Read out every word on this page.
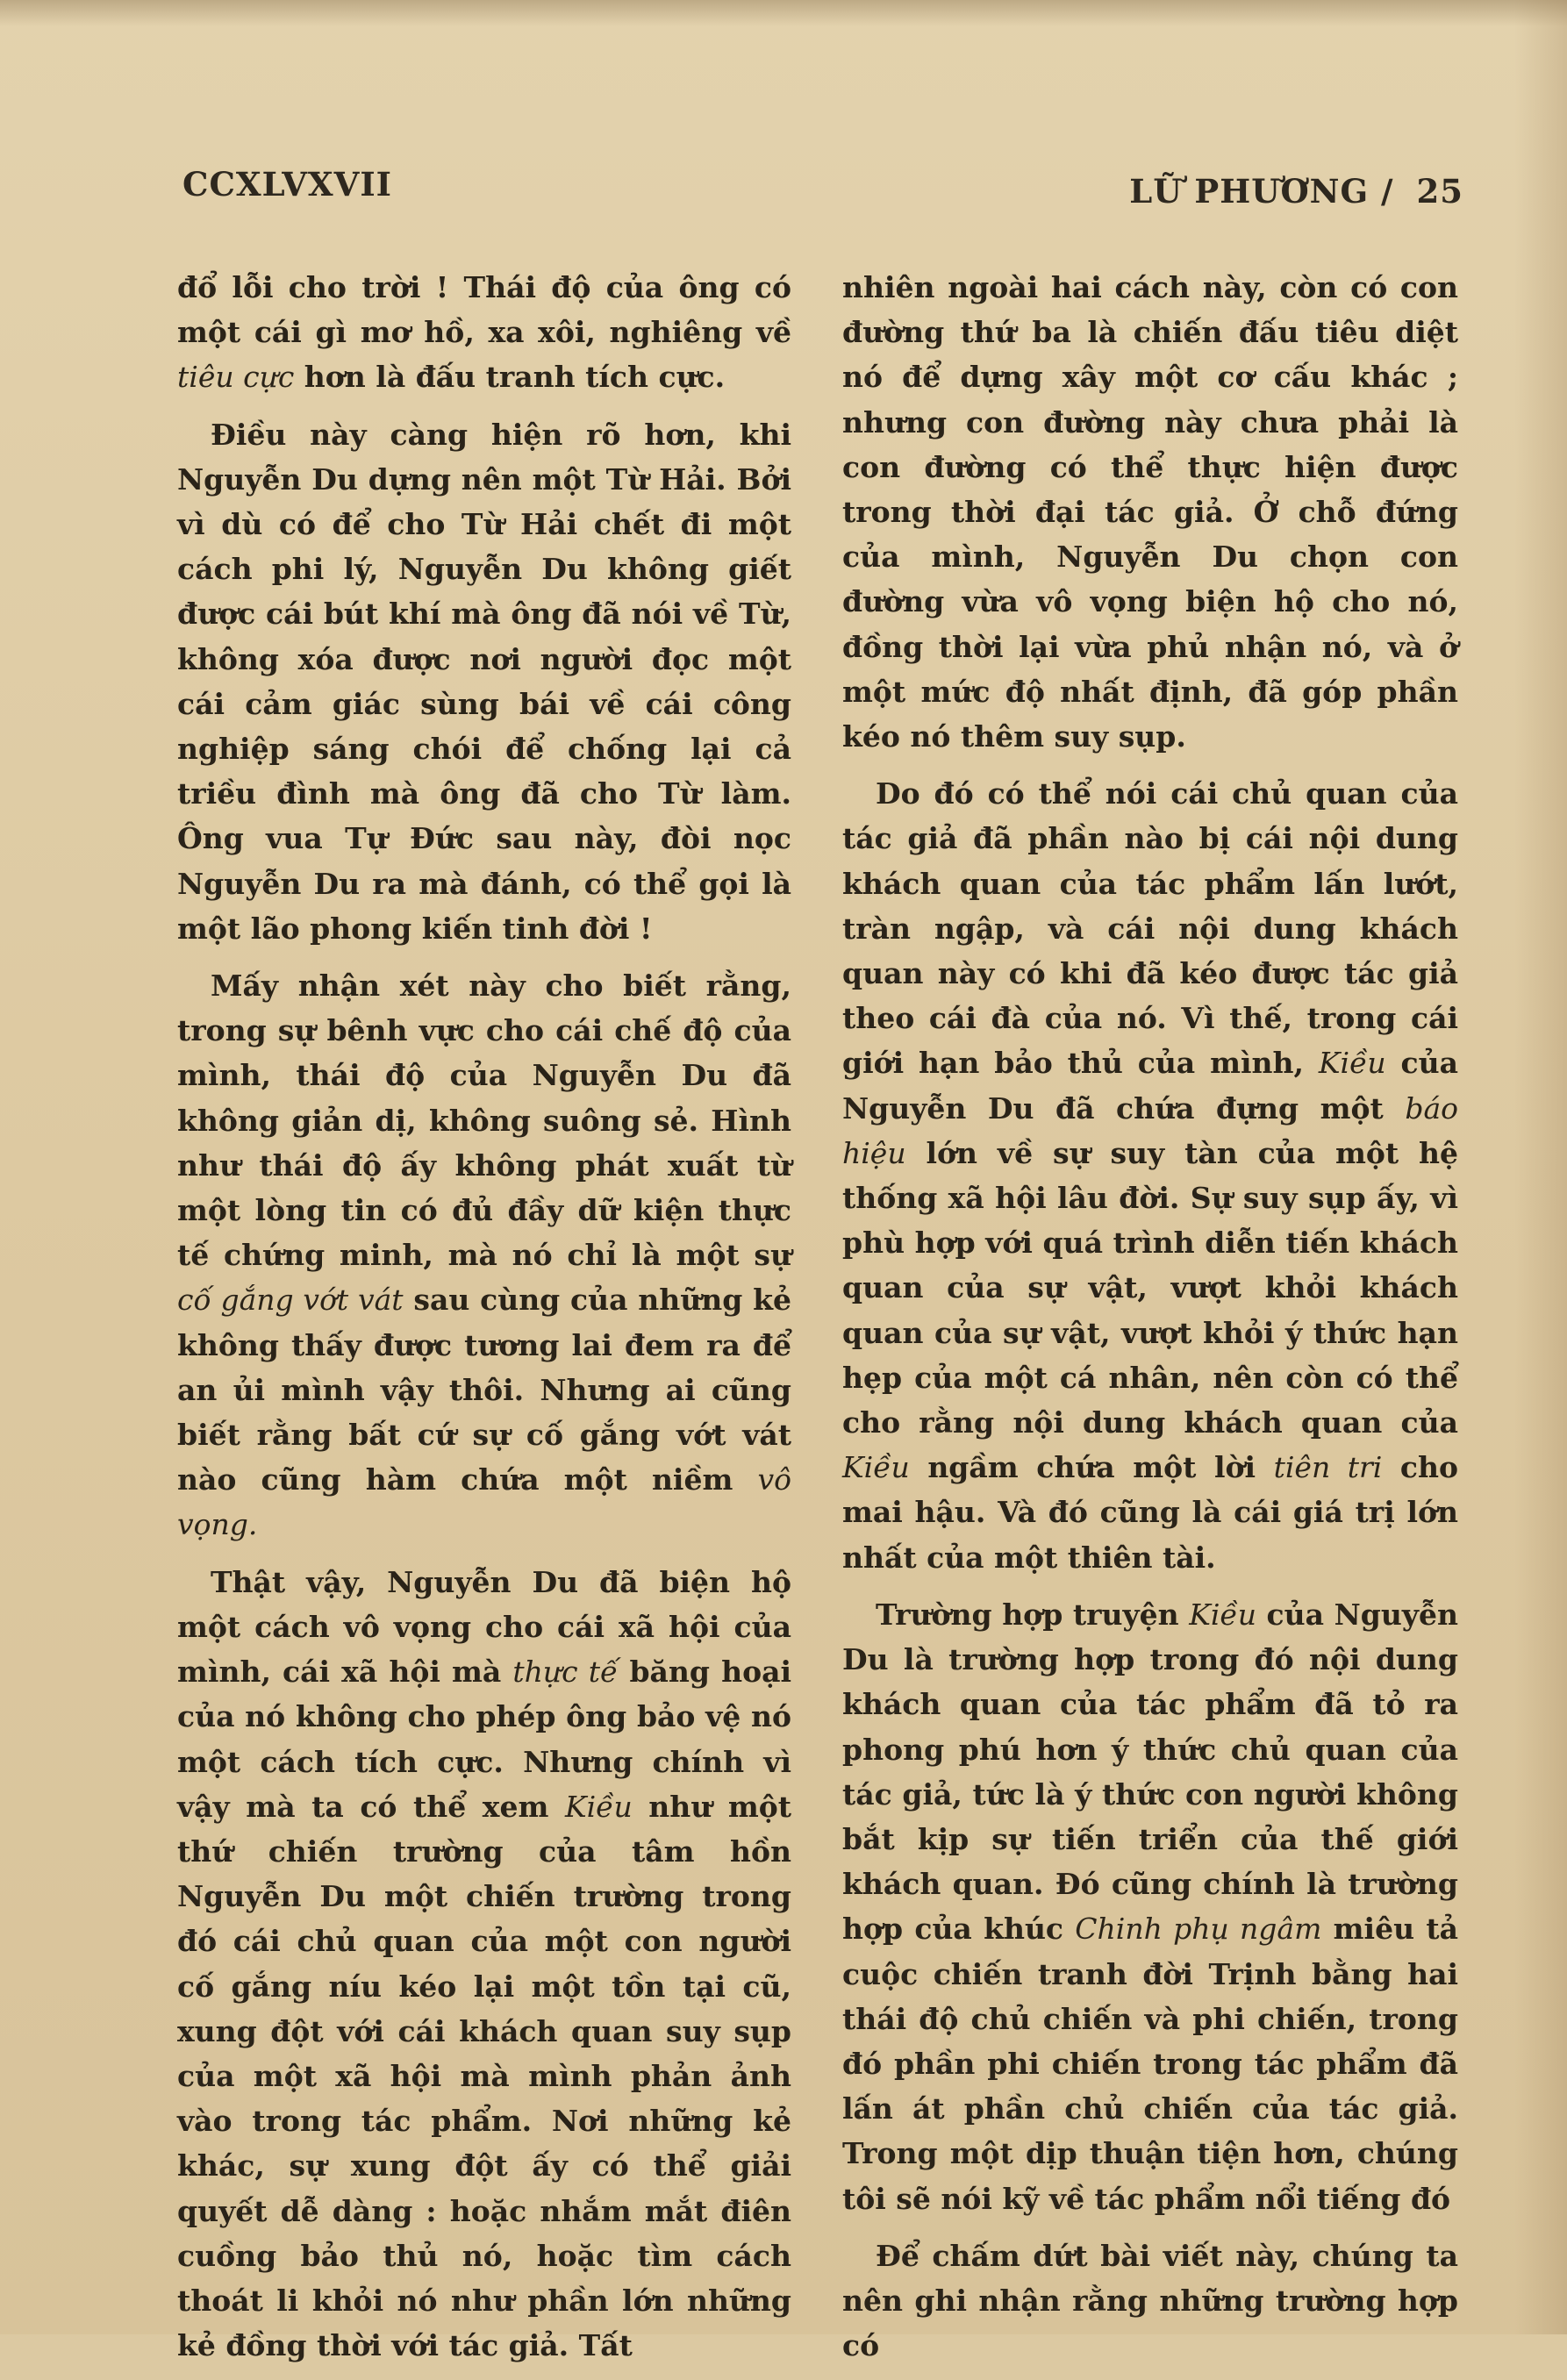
CCXLVXVII	LỮ PHƯƠNG / 25

đổ lỗi cho trời ! Thái độ của ông có một cái gì mơ hồ, xa xôi, nghiêng về tiêu cực hơn là đấu tranh tích cực.

Điều này càng hiện rõ hơn, khi Nguyễn Du dựng nên một Từ Hải. Bởi vì dù có để cho Từ Hải chết đi một cách phi lý, Nguyễn Du không giết được cái bút khí mà ông đã nói về Từ, không xóa được nơi người đọc một cái cảm giác sùng bái về cái công nghiệp sáng chói để chống lại cả triều đình mà ông đã cho Từ làm. Ông vua Tự Đức sau này, đòi nọc Nguyễn Du ra mà đánh, có thể gọi là một lão phong kiến tinh đời !

Mấy nhận xét này cho biết rằng, trong sự bênh vực cho cái chế độ của mình, thái độ của Nguyễn Du đã không giản dị, không suông sẻ. Hình như thái độ ấy không phát xuất từ một lòng tin có đủ đầy dữ kiện thực tế chứng minh, mà nó chỉ là một sự cố gắng vớt vát sau cùng của những kẻ không thấy được tương lai đem ra để an ủi mình vậy thôi. Nhưng ai cũng biết rằng bất cứ sự cố gắng vớt vát nào cũng hàm chứa một niềm vô vọng.

Thật vậy, Nguyễn Du đã biện hộ một cách vô vọng cho cái xã hội của mình, cái xã hội mà thực tế băng hoại của nó không cho phép ông bảo vệ nó một cách tích cực. Nhưng chính vì vậy mà ta có thể xem Kiều như một thứ chiến trường của tâm hồn Nguyễn Du một chiến trường trong đó cái chủ quan của một con người cố gắng níu kéo lại một tồn tại cũ, xung đột với cái khách quan suy sụp của một xã hội mà mình phản ảnh vào trong tác phẩm. Nơi những kẻ khác, sự xung đột ấy có thể giải quyết dễ dàng : hoặc nhắm mắt điên cuồng bảo thủ nó, hoặc tìm cách thoát li khỏi nó như phần lớn những kẻ đồng thời với tác giả. Tất

nhiên ngoài hai cách này, còn có con đường thứ ba là chiến đấu tiêu diệt nó để dựng xây một cơ cấu khác ; nhưng con đường này chưa phải là con đường có thể thực hiện được trong thời đại tác giả. Ở chỗ đứng của mình, Nguyễn Du chọn con đường vừa vô vọng biện hộ cho nó, đồng thời lại vừa phủ nhận nó, và ở một mức độ nhất định, đã góp phần kéo nó thêm suy sụp.

Do đó có thể nói cái chủ quan của tác giả đã phần nào bị cái nội dung khách quan của tác phẩm lấn lướt, tràn ngập, và cái nội dung khách quan này có khi đã kéo được tác giả theo cái đà của nó. Vì thế, trong cái giới hạn bảo thủ của mình, Kiều của Nguyễn Du đã chứa đựng một báo hiệu lớn về sự suy tàn của một hệ thống xã hội lâu đời. Sự suy sụp ấy, vì phù hợp với quá trình diễn tiến khách quan của sự vật, vượt khỏi khách quan của sự vật, vượt khỏi ý thức hạn hẹp của một cá nhân, nên còn có thể cho rằng nội dung khách quan của Kiều ngầm chứa một lời tiên tri cho mai hậu. Và đó cũng là cái giá trị lớn nhất của một thiên tài.

Trường hợp truyện Kiều của Nguyễn Du là trường hợp trong đó nội dung khách quan của tác phẩm đã tỏ ra phong phú hơn ý thức chủ quan của tác giả, tức là ý thức con người không bắt kịp sự tiến triển của thế giới khách quan. Đó cũng chính là trường hợp của khúc Chinh phụ ngâm miêu tả cuộc chiến tranh đời Trịnh bằng hai thái độ chủ chiến và phi chiến, trong đó phần phi chiến trong tác phẩm đã lấn át phần chủ chiến của tác giả. Trong một dịp thuận tiện hơn, chúng tôi sẽ nói kỹ về tác phẩm nổi tiếng đó

Để chấm dứt bài viết này, chúng ta nên ghi nhận rằng những trường hợp có
